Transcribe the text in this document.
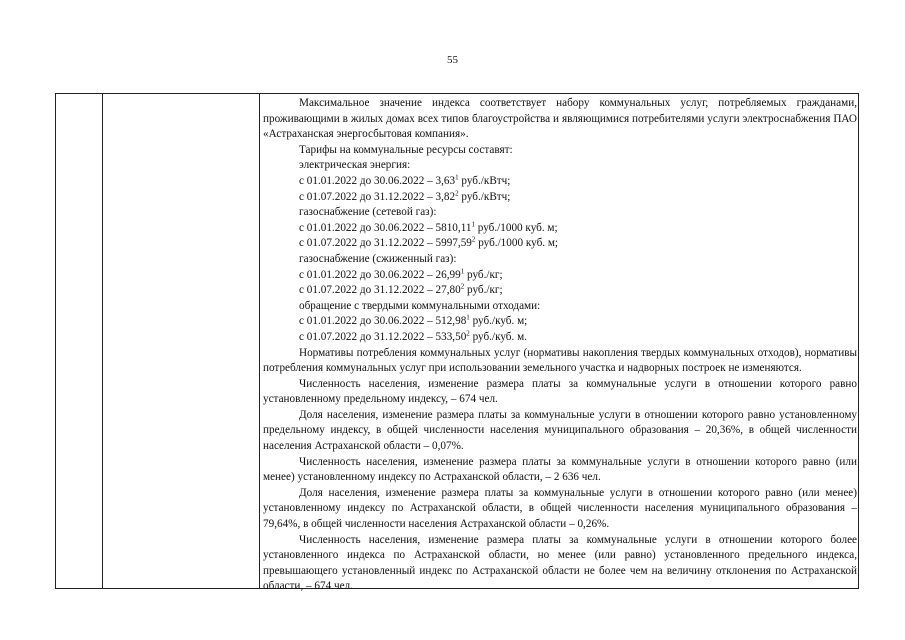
55

Максимальное значение индекса соответствует набору коммунальных услуг, потребляемых гражданами, проживающими в жилых домах всех типов благоустройства и являющимися потребителями услуги электроснабжения ПАО «Астраханская энергосбытовая компания».

Тарифы на коммунальные ресурсы составят:

электрическая энергия:

с 01.01.2022 до 30.06.2022 – 3,63$^1$ руб./кВтч;

с 01.07.2022 до 31.12.2022 – 3,82$^2$ руб./кВтч;

газоснабжение (сетевой газ):

с 01.01.2022 до 30.06.2022 – 5810,11$^1$ руб./1000 куб. м;

с 01.07.2022 до 31.12.2022 – 5997,59$^2$ руб./1000 куб. м;

газоснабжение (сжиженный газ):

с 01.01.2022 до 30.06.2022 – 26,99$^1$ руб./кг;

с 01.07.2022 до 31.12.2022 – 27,80$^2$ руб./кг;

обращение с твердыми коммунальными отходами:

с 01.01.2022 до 30.06.2022 – 512,98$^1$ руб./куб. м;

с 01.07.2022 до 31.12.2022 – 533,50$^2$ руб./куб. м.

Нормативы потребления коммунальных услуг (нормативы накопления твердых коммунальных отходов), нормативы потребления коммунальных услуг при использовании земельного участка и надворных построек не изменяются.

Численность населения, изменение размера платы за коммунальные услуги в отношении которого равно установленному предельному индексу, – 674 чел.

Доля населения, изменение размера платы за коммунальные услуги в отношении которого равно установленному предельному индексу, в общей численности населения муниципального образования – 20,36%, в общей численности населения Астраханской области – 0,07%.

Численность населения, изменение размера платы за коммунальные услуги в отношении которого равно (или менее) установленному индексу по Астраханской области, – 2 636 чел.

Доля населения, изменение размера платы за коммунальные услуги в отношении которого равно (или менее) установленному индексу по Астраханской области, в общей численности населения муниципального образования – 79,64%, в общей численности населения Астраханской области – 0,26%.

Численность населения, изменение размера платы за коммунальные услуги в отношении которого более установленного индекса по Астраханской области, но менее (или равно) установленного предельного индекса, превышающего установленный индекс по Астраханской области не более чем на величину отклонения по Астраханской области, – 674 чел.
